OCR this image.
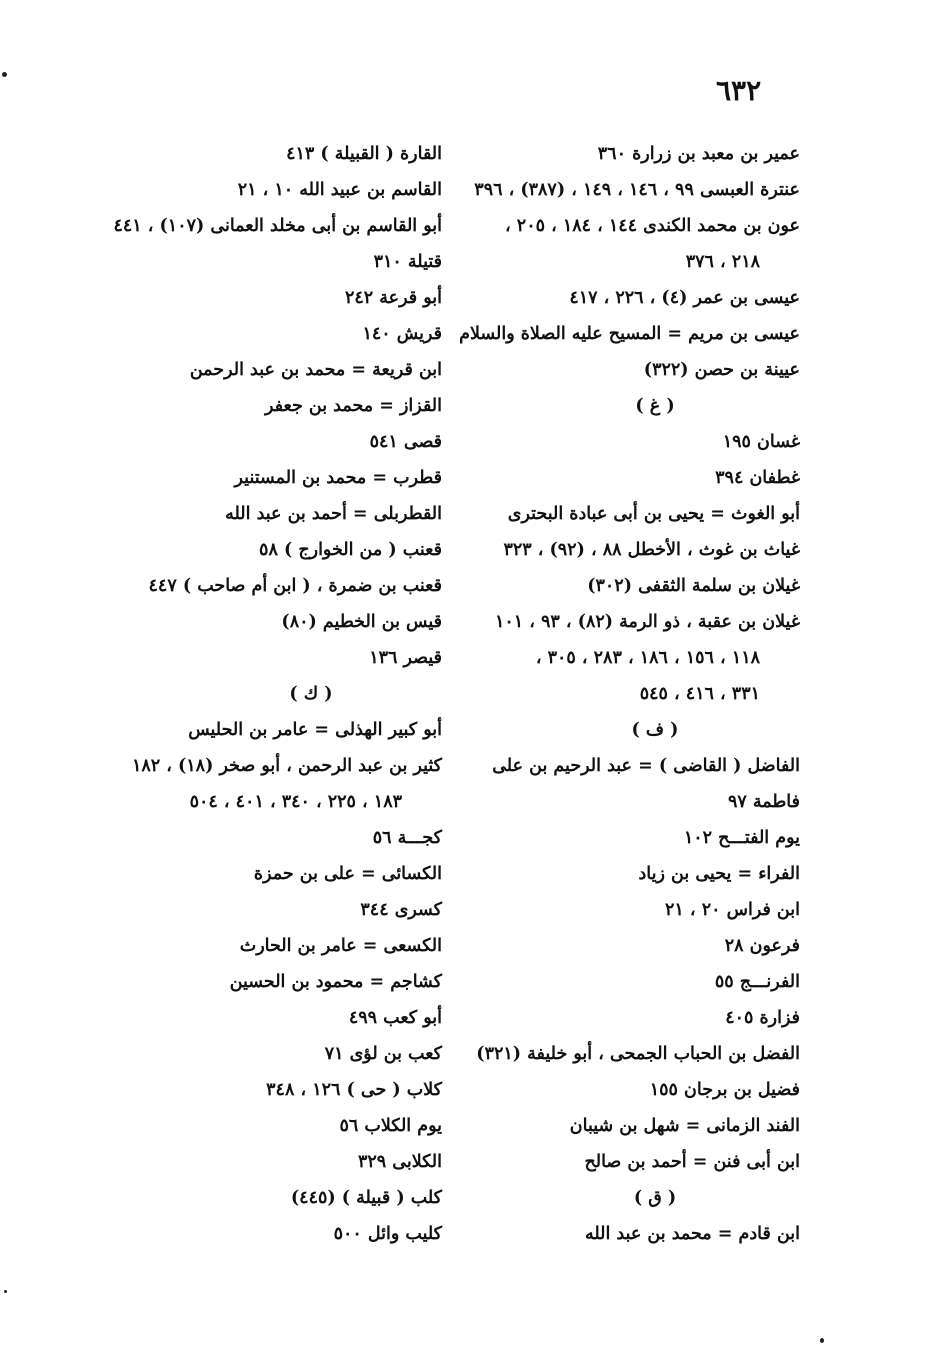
٦٣٢
عمير بن معبد بن زرارة ٣٦٠
عنترة العبسى ٩٩ ، ١٤٦ ، ١٤٩ ، (٣٨٧) ، ٣٩٦
عون بن محمد الكندى ١٤٤ ، ١٨٤ ، ٢٠٥ ،
٢١٨ ، ٣٧٦
عيسى بن عمر (٤) ، ٢٢٦ ، ٤١٧
عيسى بن مريم = المسيح عليه الصلاة والسلام
عيينة بن حصن (٣٢٢)
( غ )
غسان ١٩٥
غطفان ٣٩٤
أبو الغوث = يحيى بن أبى عبادة البحترى
غياث بن غوث ، الأخطل ٨٨ ، (٩٢) ، ٣٢٣
غيلان بن سلمة الثقفى (٣٠٢)
غيلان بن عقبة ، ذو الرمة (٨٢) ، ٩٣ ، ١٠١
١١٨ ، ١٥٦ ، ١٨٦ ، ٢٨٣ ، ٣٠٥ ،
٣٣١ ، ٤١٦ ، ٥٤٥
( ف )
الفاضل ( القاضى ) = عبد الرحيم بن على
فاطمة ٩٧
يوم الفتـــح ١٠٢
الفراء = يحيى بن زياد
ابن فراس ٢٠ ، ٢١
فرعون ٢٨
الفرنـــج ٥٥
فزارة ٤٠٥
الفضل بن الحباب الجمحى ، أبو خليفة (٣٢١)
فضيل بن برجان ١٥٥
الفند الزمانى = شهل بن شيبان
ابن أبى فنن = أحمد بن صالح
( ق )
ابن قادم = محمد بن عبد الله
القارة ( القبيلة ) ٤١٣
القاسم بن عبيد الله ١٠ ، ٢١
أبو القاسم بن أبى مخلد العمانى (١٠٧) ، ٤٤١
قتيلة ٣١٠
أبو قرعة ٢٤٢
قريش ١٤٠
ابن قريعة = محمد بن عبد الرحمن
القزاز = محمد بن جعفر
قصى ٥٤١
قطرب = محمد بن المستنير
القطربلى = أحمد بن عبد الله
قعنب ( من الخوارج ) ٥٨
قعنب بن ضمرة ، ( ابن أم صاحب ) ٤٤٧
قيس بن الخطيم (٨٠)
قيصر ١٣٦
( ك )
أبو كبير الهذلى = عامر بن الحليس
كثير بن عبد الرحمن ، أبو صخر (١٨) ، ١٨٢
١٨٣ ، ٢٢٥ ، ٣٤٠ ، ٤٠١ ، ٥٠٤
كجـــة ٥٦
الكسائى = على بن حمزة
كسرى ٣٤٤
الكسعى = عامر بن الحارث
كشاجم = محمود بن الحسين
أبو كعب ٤٩٩
كعب بن لؤى ٧١
كلاب ( حى ) ١٢٦ ، ٣٤٨
يوم الكلاب ٥٦
الكلابى ٣٢٩
كلب ( قبيلة ) (٤٤٥)
كليب وائل ٥٠٠
